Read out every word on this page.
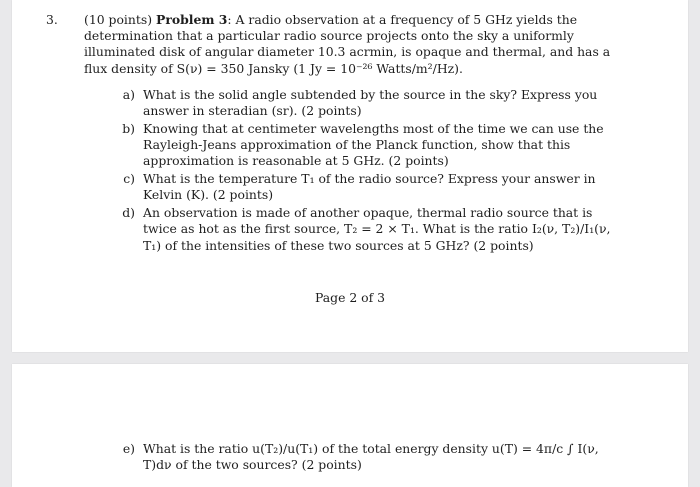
3. (10 points) Problem 3: A radio observation at a frequency of 5 GHz yields the determination that a particular radio source projects onto the sky a uniformly illuminated disk of angular diameter 10.3 acrmin, is opaque and thermal, and has a flux density of S(ν) = 350 Jansky (1 Jy = 10⁻²⁶ Watts/m²/Hz).
a) What is the solid angle subtended by the source in the sky? Express you answer in steradian (sr). (2 points)
b) Knowing that at centimeter wavelengths most of the time we can use the Rayleigh-Jeans approximation of the Planck function, show that this approximation is reasonable at 5 GHz. (2 points)
c) What is the temperature T₁ of the radio source? Express your answer in Kelvin (K). (2 points)
d) An observation is made of another opaque, thermal radio source that is twice as hot as the first source, T₂ = 2 × T₁. What is the ratio I₂(ν, T₂)/I₁(ν, T₁) of the intensities of these two sources at 5 GHz? (2 points)
Page 2 of 3
e) What is the ratio u(T₂)/u(T₁) of the total energy density u(T) = 4π/c ∫ I(ν, T)dν of the two sources? (2 points)
